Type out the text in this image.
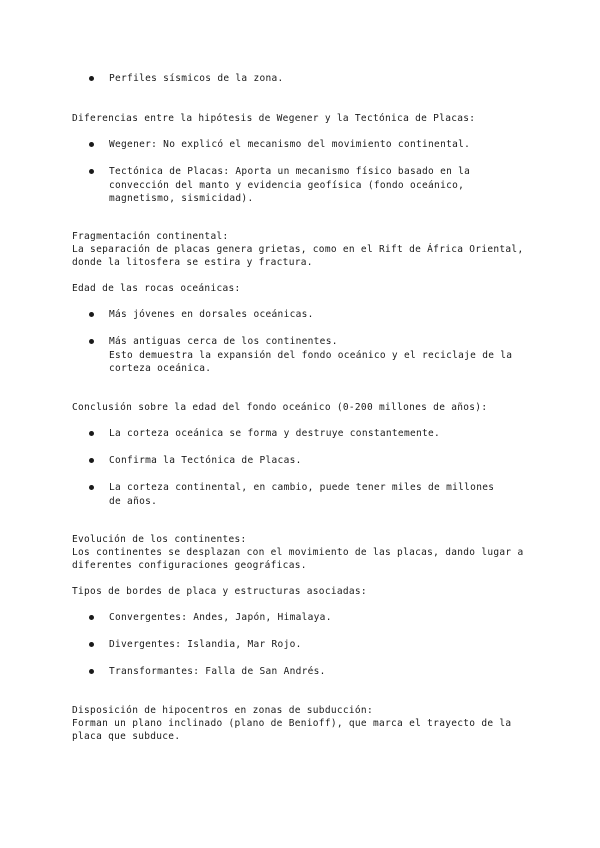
Perfiles sísmicos de la zona.
Diferencias entre la hipótesis de Wegener y la Tectónica de Placas:
Wegener: No explicó el mecanismo del movimiento continental.
Tectónica de Placas: Aporta un mecanismo físico basado en la convección del manto y evidencia geofísica (fondo oceánico, magnetismo, sismicidad).
Fragmentación continental:
La separación de placas genera grietas, como en el Rift de África Oriental,
donde la litosfera se estira y fractura.
Edad de las rocas oceánicas:
Más jóvenes en dorsales oceánicas.
Más antiguas cerca de los continentes.
Esto demuestra la expansión del fondo oceánico y el reciclaje de la
corteza oceánica.
Conclusión sobre la edad del fondo oceánico (0-200 millones de años):
La corteza oceánica se forma y destruye constantemente.
Confirma la Tectónica de Placas.
La corteza continental, en cambio, puede tener miles de millones de años.
Evolución de los continentes:
Los continentes se desplazan con el movimiento de las placas, dando lugar a
diferentes configuraciones geográficas.
Tipos de bordes de placa y estructuras asociadas:
Convergentes: Andes, Japón, Himalaya.
Divergentes: Islandia, Mar Rojo.
Transformantes: Falla de San Andrés.
Disposición de hipocentros en zonas de subducción:
Forman un plano inclinado (plano de Benioff), que marca el trayecto de la
placa que subduce.
